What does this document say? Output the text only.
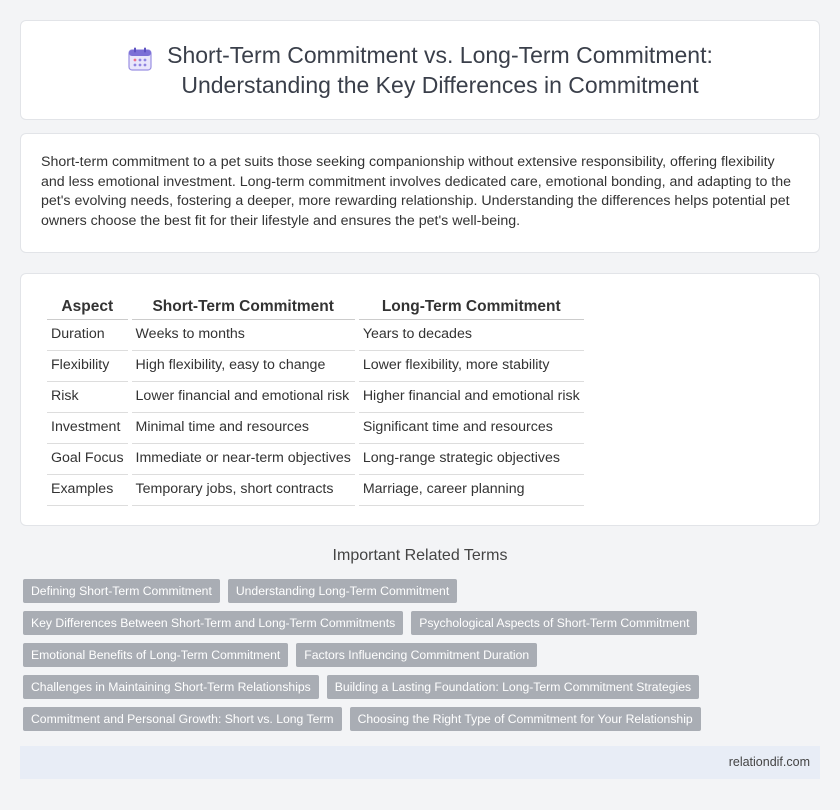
Short-Term Commitment vs. Long-Term Commitment:
Understanding the Key Differences in Commitment

Short-term commitment to a pet suits those seeking companionship without extensive responsibility, offering flexibility and less emotional investment. Long-term commitment involves dedicated care, emotional bonding, and adapting to the pet's evolving needs, fostering a deeper, more rewarding relationship. Understanding the differences helps potential pet owners choose the best fit for their lifestyle and ensures the pet's well-being.

Aspect	Short-Term Commitment	Long-Term Commitment
Duration	Weeks to months	Years to decades
Flexibility	High flexibility, easy to change	Lower flexibility, more stability
Risk	Lower financial and emotional risk	Higher financial and emotional risk
Investment	Minimal time and resources	Significant time and resources
Goal Focus	Immediate or near-term objectives	Long-range strategic objectives
Examples	Temporary jobs, short contracts	Marriage, career planning
Important Related Terms
Defining Short-Term Commitment	Understanding Long-Term Commitment
Key Differences Between Short-Term and Long-Term Commitments	Psychological Aspects of Short-Term Commitment
Emotional Benefits of Long-Term Commitment	Factors Influencing Commitment Duration
Challenges in Maintaining Short-Term Relationships	Building a Lasting Foundation: Long-Term Commitment Strategies
Commitment and Personal Growth: Short vs. Long Term	Choosing the Right Type of Commitment for Your Relationship
relationdif.com
